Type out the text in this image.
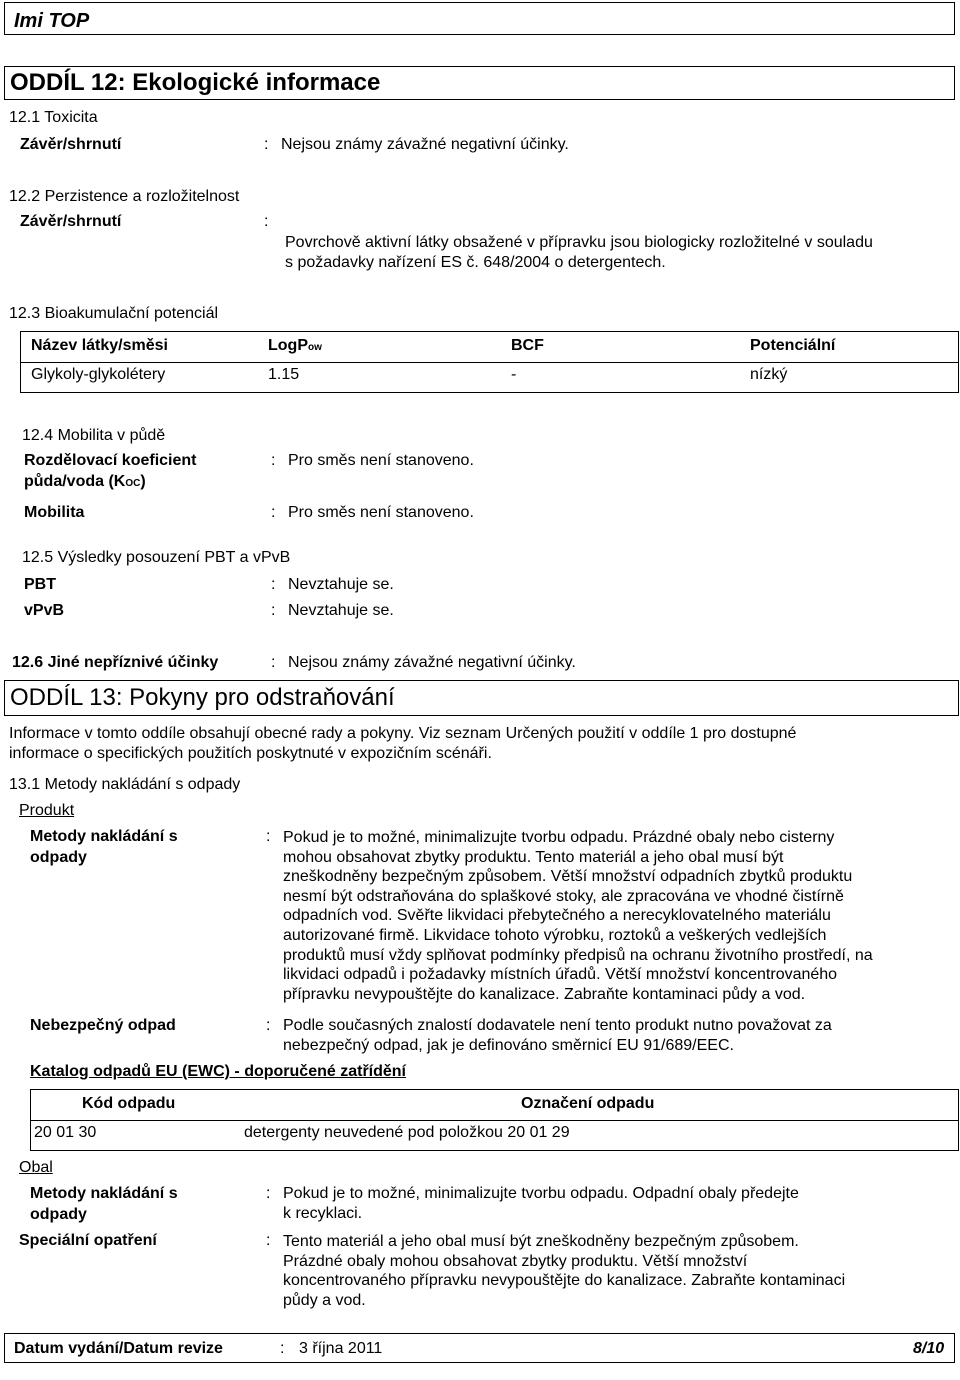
Imi TOP
ODDÍL 12: Ekologické informace
12.1 Toxicita
Závěr/shrnutí	: Nejsou známy závažné negativní účinky.
12.2 Perzistence a rozložitelnost
Závěr/shrnutí	:
Povrchově aktivní látky obsažené v přípravku jsou biologicky rozložitelné v souladu
s požadavky nařízení ES č. 648/2004 o detergentech.
12.3 Bioakumulační potenciál
Název látky/směsi	LogPow	BCF	Potenciální
Glykoly-glykolétery	1.15	-	nízký
12.4 Mobilita v půdě
Rozdělovací koeficient
půda/voda (KOC)
: Pro směs není stanoveno.
Mobilita	: Pro směs není stanoveno.
12.5 Výsledky posouzení PBT a vPvB
PBT	: Nevztahuje se.
vPvB	: Nevztahuje se.
12.6 Jiné nepříznivé účinky	: Nejsou známy závažné negativní účinky.
ODDÍL 13: Pokyny pro odstraňování
Informace v tomto oddíle obsahují obecné rady a pokyny. Viz seznam Určených použití v oddíle 1 pro dostupné
informace o specifických použitích poskytnuté v expozičním scénáři.
13.1 Metody nakládání s odpady
Produkt
Metody nakládání s
odpady
: Pokud je to možné, minimalizujte tvorbu odpadu. Prázdné obaly nebo cisterny
mohou obsahovat zbytky produktu. Tento materiál a jeho obal musí být
zneškodněny bezpečným způsobem. Větší množství odpadních zbytků produktu
nesmí být odstraňována do splaškové stoky, ale zpracována ve vhodné čistírně
odpadních vod. Svěřte likvidaci přebytečného a nerecyklovatelného materiálu
autorizované firmě. Likvidace tohoto výrobku, roztoků a veškerých vedlejších
produktů musí vždy splňovat podmínky předpisů na ochranu životního prostředí, na
likvidaci odpadů i požadavky místních úřadů. Větší množství koncentrovaného
přípravku nevypouštějte do kanalizace. Zabraňte kontaminaci půdy a vod.
Nebezpečný odpad	: Podle současných znalostí dodavatele není tento produkt nutno považovat za
nebezpečný odpad, jak je definováno směrnicí EU 91/689/EEC.
Katalog odpadů EU (EWC) - doporučené zatřídění
Kód odpadu	Označení odpadu
20 01 30	detergenty neuvedené pod položkou 20 01 29
Obal
Metody nakládání s
odpady
: Pokud je to možné, minimalizujte tvorbu odpadu. Odpadní obaly předejte
k recyklaci.
Speciální opatření	: Tento materiál a jeho obal musí být zneškodněny bezpečným způsobem.
Prázdné obaly mohou obsahovat zbytky produktu. Větší množství
koncentrovaného přípravku nevypouštějte do kanalizace. Zabraňte kontaminaci
půdy a vod.
Datum vydání/Datum revize	: 3 října 2011	8/10
